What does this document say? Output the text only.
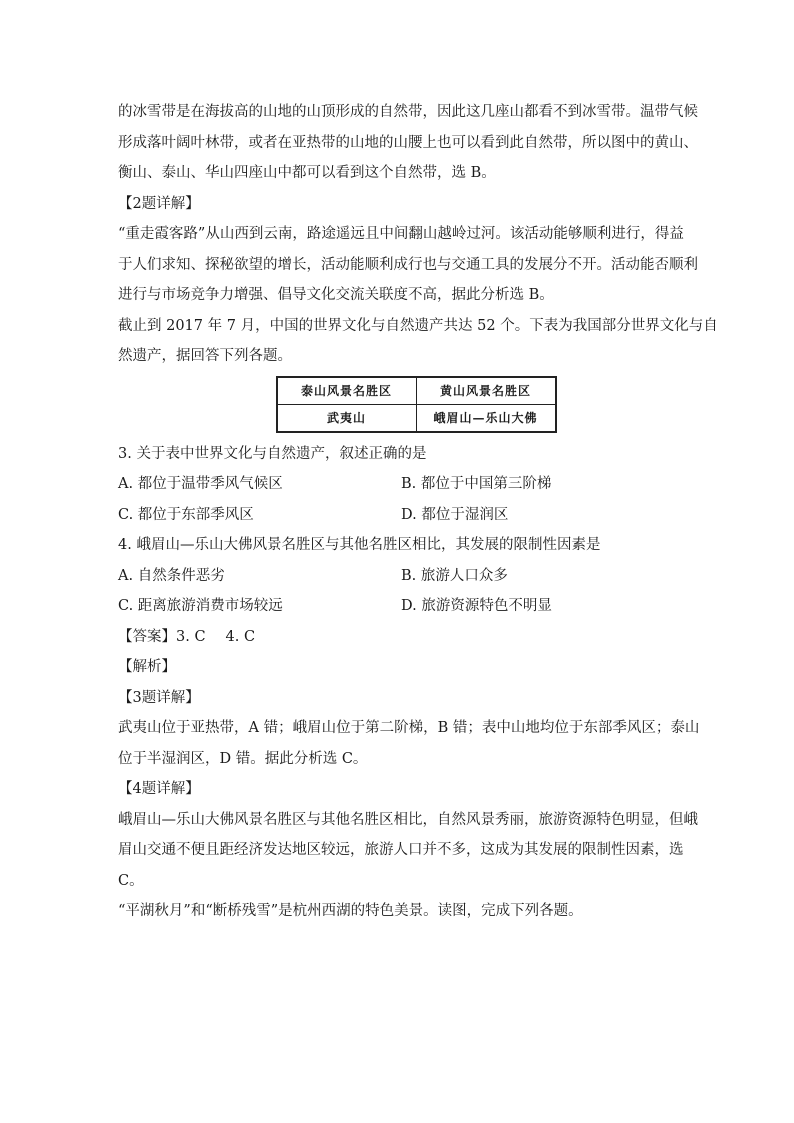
的冰雪带是在海拔高的山地的山顶形成的自然带，因此这几座山都看不到冰雪带。温带气候

形成落叶阔叶林带，或者在亚热带的山地的山腰上也可以看到此自然带，所以图中的黄山、

衡山、泰山、华山四座山中都可以看到这个自然带，选 B。

【2题详解】

“重走霞客路”从山西到云南，路途遥远且中间翻山越岭过河。该活动能够顺利进行，得益

于人们求知、探秘欲望的增长，活动能顺利成行也与交通工具的发展分不开。活动能否顺利

进行与市场竞争力增强、倡导文化交流关联度不高，据此分析选 B。

截止到 2017 年 7 月，中国的世界文化与自然遗产共达 52 个。下表为我国部分世界文化与自

然遗产，据回答下列各题。

泰山风景名胜区	黄山风景名胜区
武夷山	峨眉山—乐山大佛

3. 关于表中世界文化与自然遗产，叙述正确的是

A. 都位于温带季风气候区	B. 都位于中国第三阶梯

C. 都位于东部季风区	D. 都位于湿润区

4. 峨眉山—乐山大佛风景名胜区与其他名胜区相比，其发展的限制性因素是

A. 自然条件恶劣	B. 旅游人口众多

C. 距离旅游消费市场较远	D. 旅游资源特色不明显

【答案】3. C 4. C

【解析】

【3题详解】

武夷山位于亚热带，A 错；峨眉山位于第二阶梯，B 错；表中山地均位于东部季风区；泰山

位于半湿润区，D 错。据此分析选 C。

【4题详解】

峨眉山—乐山大佛风景名胜区与其他名胜区相比，自然风景秀丽，旅游资源特色明显，但峨

眉山交通不便且距经济发达地区较远，旅游人口并不多，这成为其发展的限制性因素，选

C。

“平湖秋月”和“断桥残雪”是杭州西湖的特色美景。读图，完成下列各题。
